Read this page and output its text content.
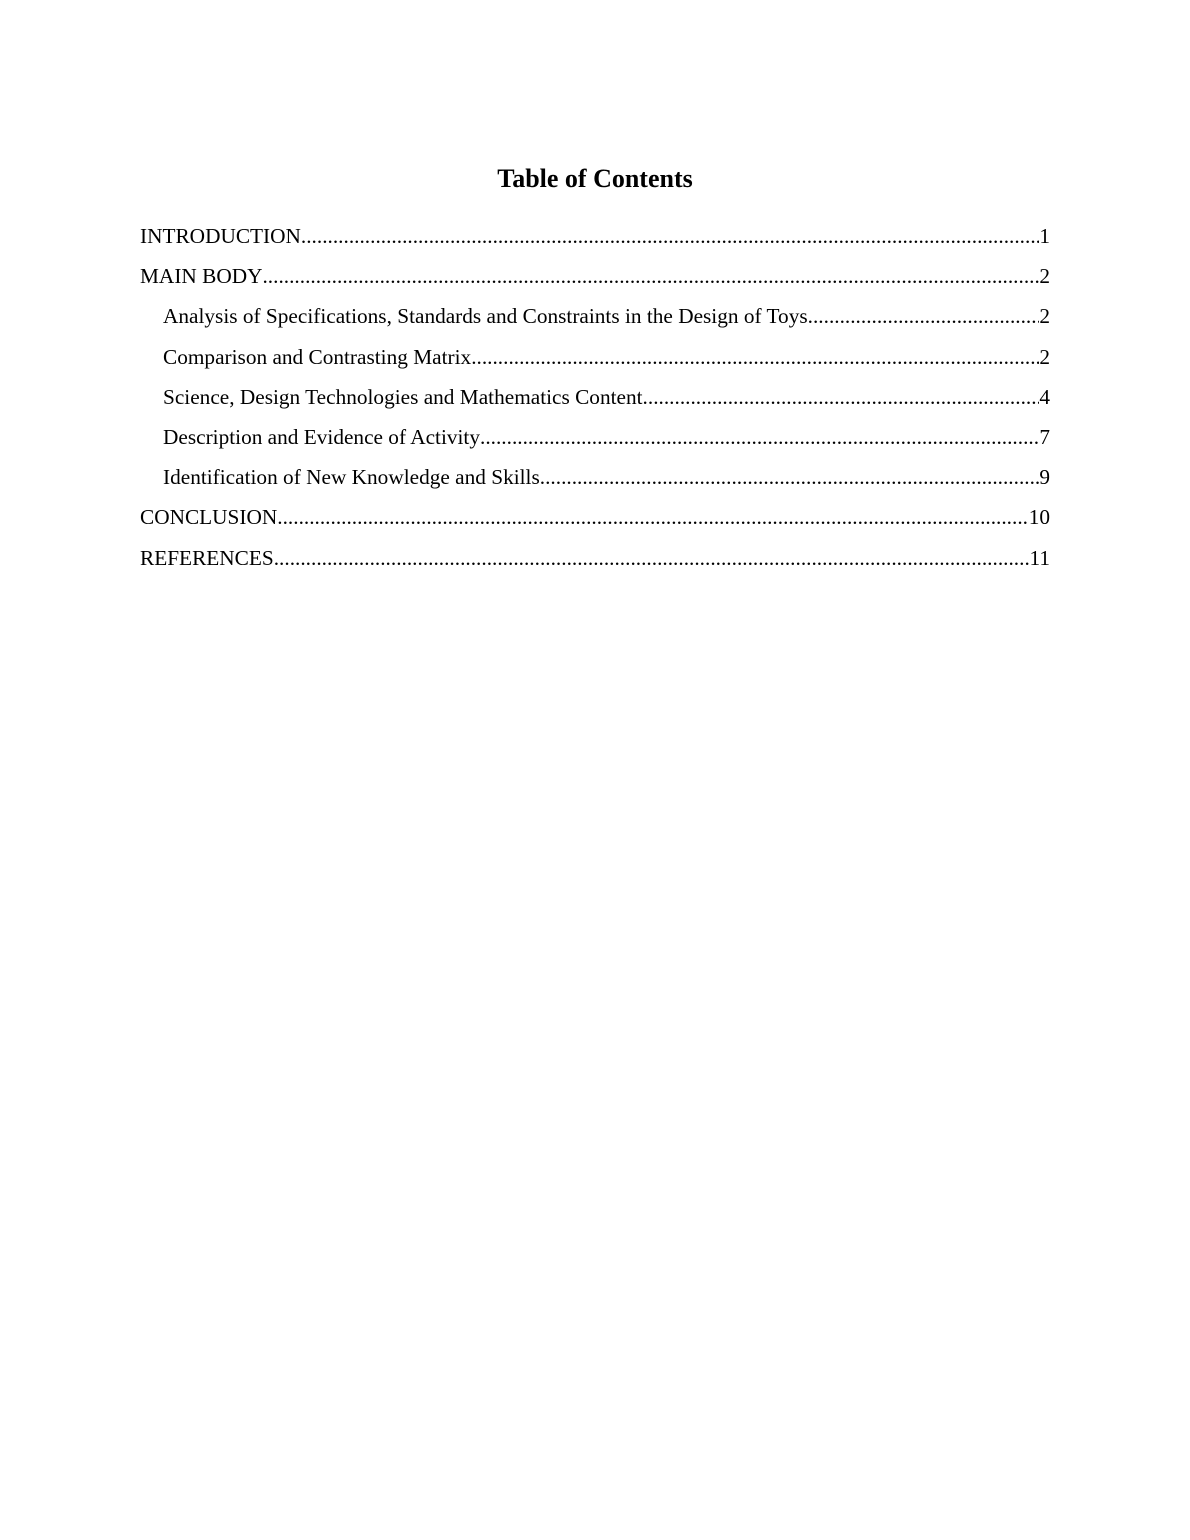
Table of Contents
INTRODUCTION .....	1
MAIN BODY .....	2
Analysis of Specifications, Standards and Constraints in the Design of Toys .....	2
Comparison and Contrasting Matrix .....	2
Science, Design Technologies and Mathematics Content .....	4
Description and Evidence of Activity .....	7
Identification of New Knowledge and Skills .....	9
CONCLUSION .....	10
REFERENCES .....	11
